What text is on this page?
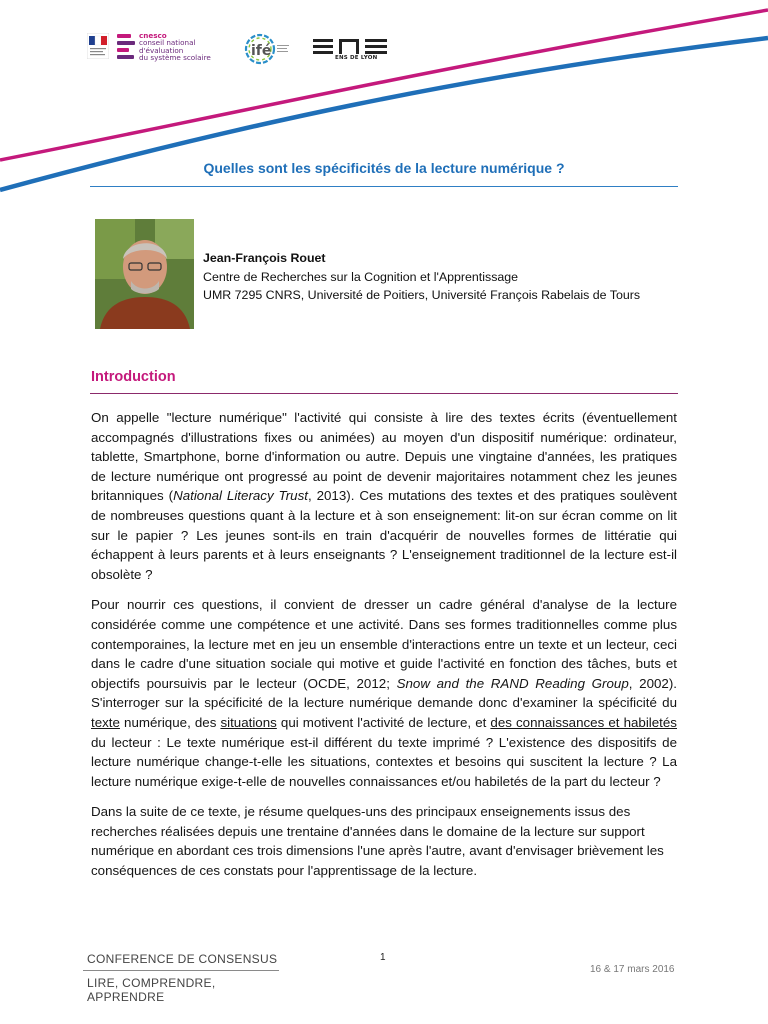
cnesco
conseil national
d'évaluation
du système scolaire	ifé	ENS DE LYON
Quelles sont les spécificités de la lecture numérique ?
Jean-François Rouet
Centre de Recherches sur la Cognition et l'Apprentissage
UMR 7295 CNRS, Université de Poitiers, Université François Rabelais de Tours
Introduction

On appelle "lecture numérique" l'activité qui consiste à lire des textes écrits (éventuellement accompagnés d'illustrations fixes ou animées) au moyen d'un dispositif numérique: ordinateur, tablette, Smartphone, borne d'information ou autre. Depuis une vingtaine d'années, les pratiques de lecture numérique ont progressé au point de devenir majoritaires notamment chez les jeunes britanniques (National Literacy Trust, 2013). Ces mutations des textes et des pratiques soulèvent de nombreuses questions quant à la lecture et à son enseignement: lit-on sur écran comme on lit sur le papier ? Les jeunes sont-ils en train d'acquérir de nouvelles formes de littératie qui échappent à leurs parents et à leurs enseignants ? L'enseignement traditionnel de la lecture est-il obsolète ?

Pour nourrir ces questions, il convient de dresser un cadre général d'analyse de la lecture considérée comme une compétence et une activité. Dans ses formes traditionnelles comme plus contemporaines, la lecture met en jeu un ensemble d'interactions entre un texte et un lecteur, ceci dans le cadre d'une situation sociale qui motive et guide l'activité en fonction des tâches, buts et objectifs poursuivis par le lecteur (OCDE, 2012; Snow and the RAND Reading Group, 2002). S'interroger sur la spécificité de la lecture numérique demande donc d'examiner la spécificité du texte numérique, des situations qui motivent l'activité de lecture, et des connaissances et habiletés du lecteur : Le texte numérique est-il différent du texte imprimé ? L'existence des dispositifs de lecture numérique change-t-elle les situations, contextes et besoins qui suscitent la lecture ? La lecture numérique exige-t-elle de nouvelles connaissances et/ou habiletés de la part du lecteur ?

Dans la suite de ce texte, je résume quelques-uns des principaux enseignements issus des recherches réalisées depuis une trentaine d'années dans le domaine de la lecture sur support numérique en abordant ces trois dimensions l'une après l'autre, avant d'envisager brièvement les conséquences de ces constats pour l'apprentissage de la lecture.

CONFERENCE DE CONSENSUS
LIRE, COMPRENDRE, APPRENDRE
1
16 & 17 mars 2016
